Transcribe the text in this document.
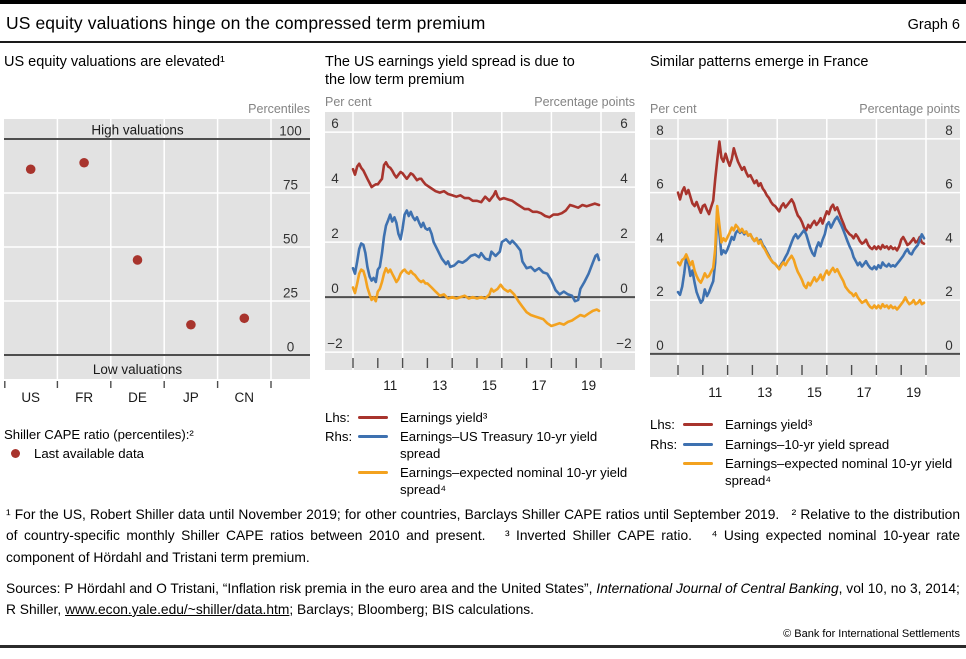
US equity valuations hinge on the compressed term premium	Graph 6
US equity valuations are elevated¹
Percentiles
High valuations
Low valuations
100
75
50
25
0
US	FR	DE	JP	CN
Shiller CAPE ratio (percentiles):²
Last available data
The US earnings yield spread is due to the low term premium
Per cent	Percentage points
6	6
4	4
2	2
0	0
−2	−2
11	13	15	17	19
Lhs:	Earnings yield³
Rhs:	Earnings–US Treasury 10-yr yield spread
Earnings–expected nominal 10-yr yield spread⁴
Similar patterns emerge in France
Per cent	Percentage points
8	8
6	6
4	4
2	2
0	0
11	13	15	17	19
Lhs:	Earnings yield³
Rhs:	Earnings–10-yr yield spread
Earnings–expected nominal 10-yr yield spread⁴
¹ For the US, Robert Shiller data until November 2019; for other countries, Barclays Shiller CAPE ratios until September 2019.   ² Relative to the distribution of country-specific monthly Shiller CAPE ratios between 2010 and present.   ³ Inverted Shiller CAPE ratio.   ⁴ Using expected nominal 10-year rate component of Hördahl and Tristani term premium.
Sources: P Hördahl and O Tristani, “Inflation risk premia in the euro area and the United States”, International Journal of Central Banking, vol 10, no 3, 2014; R Shiller, www.econ.yale.edu/~shiller/data.htm; Barclays; Bloomberg; BIS calculations.
© Bank for International Settlements
